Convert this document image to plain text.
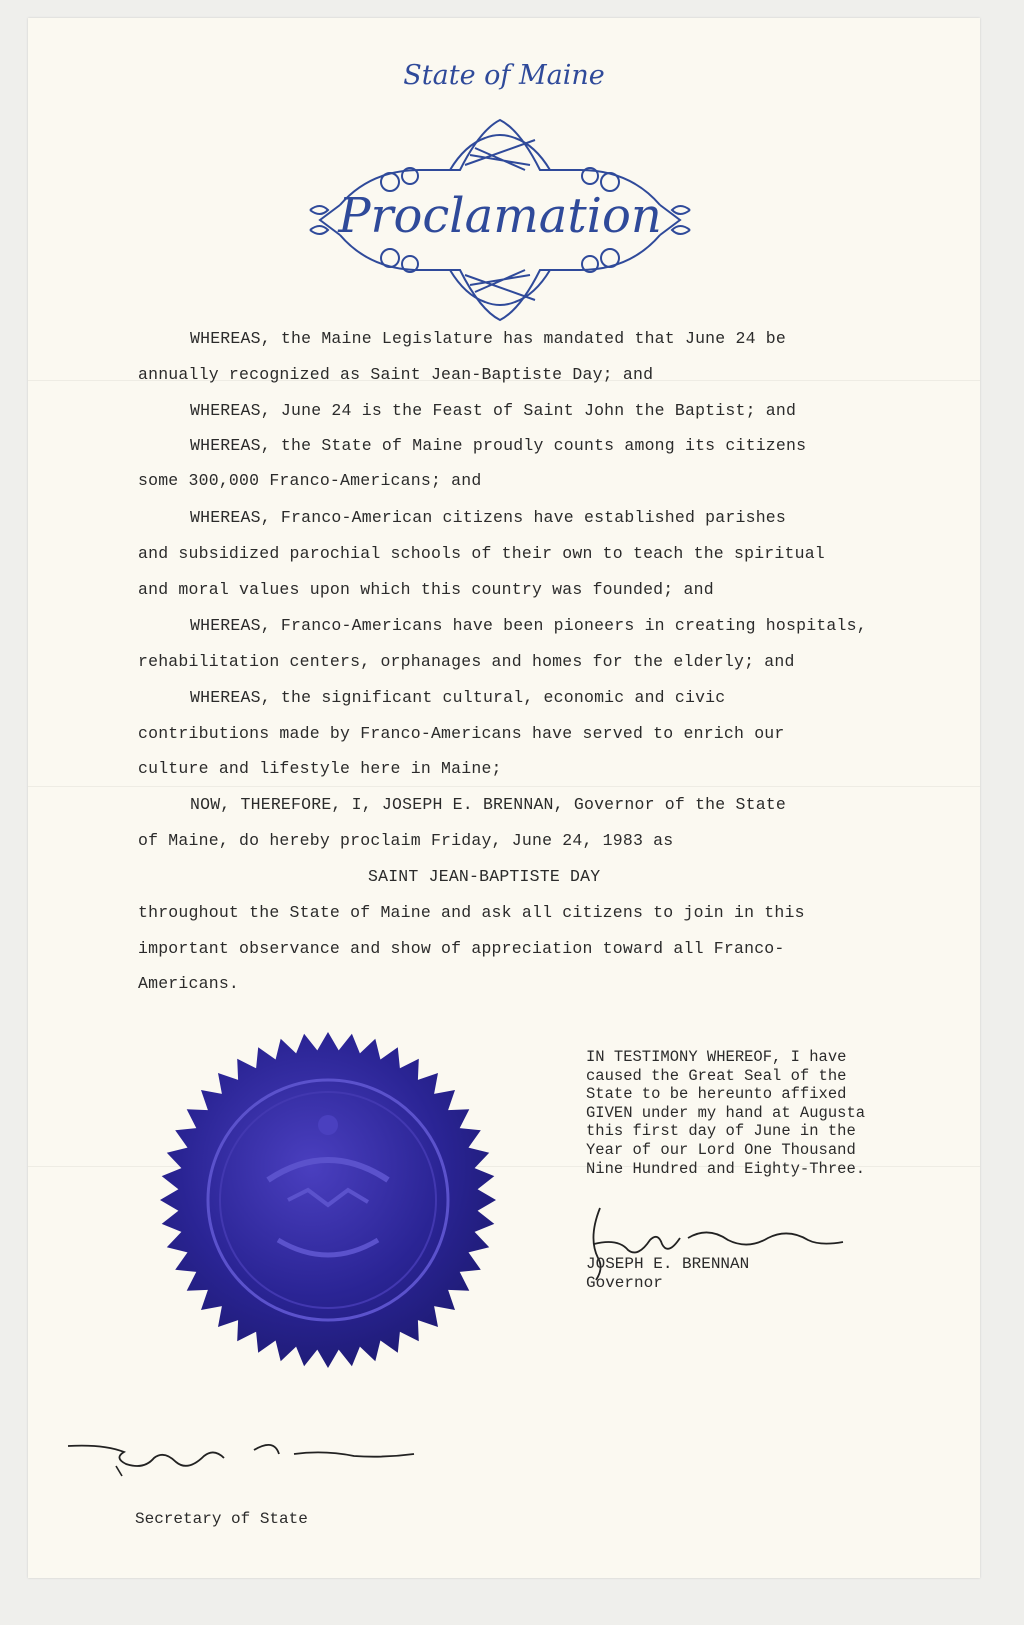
State of Maine
Proclamation
WHEREAS, the Maine Legislature has mandated that June 24 be
annually recognized as Saint Jean-Baptiste Day; and
WHEREAS, June 24 is the Feast of Saint John the Baptist; and
WHEREAS, the State of Maine proudly counts among its citizens
some 300,000 Franco-Americans; and
WHEREAS, Franco-American citizens have established parishes
and subsidized parochial schools of their own to teach the spiritual
and moral values upon which this country was founded; and
WHEREAS, Franco-Americans have been pioneers in creating hospitals,
rehabilitation centers, orphanages and homes for the elderly; and
WHEREAS, the significant cultural, economic and civic
contributions made by Franco-Americans have served to enrich our
culture and lifestyle here in Maine;
NOW, THEREFORE, I, JOSEPH E. BRENNAN, Governor of the State
of Maine, do hereby proclaim Friday, June 24, 1983 as
SAINT JEAN-BAPTISTE DAY
throughout the State of Maine and ask all citizens to join in this
important observance and show of appreciation toward all Franco-
Americans.
IN TESTIMONY WHEREOF, I have
caused the Great Seal of the
State to be hereunto affixed
GIVEN under my hand at Augusta
this first day of June in the
Year of our Lord One Thousand
Nine Hundred and Eighty-Three.
JOSEPH E. BRENNAN
Governor
Secretary of State
